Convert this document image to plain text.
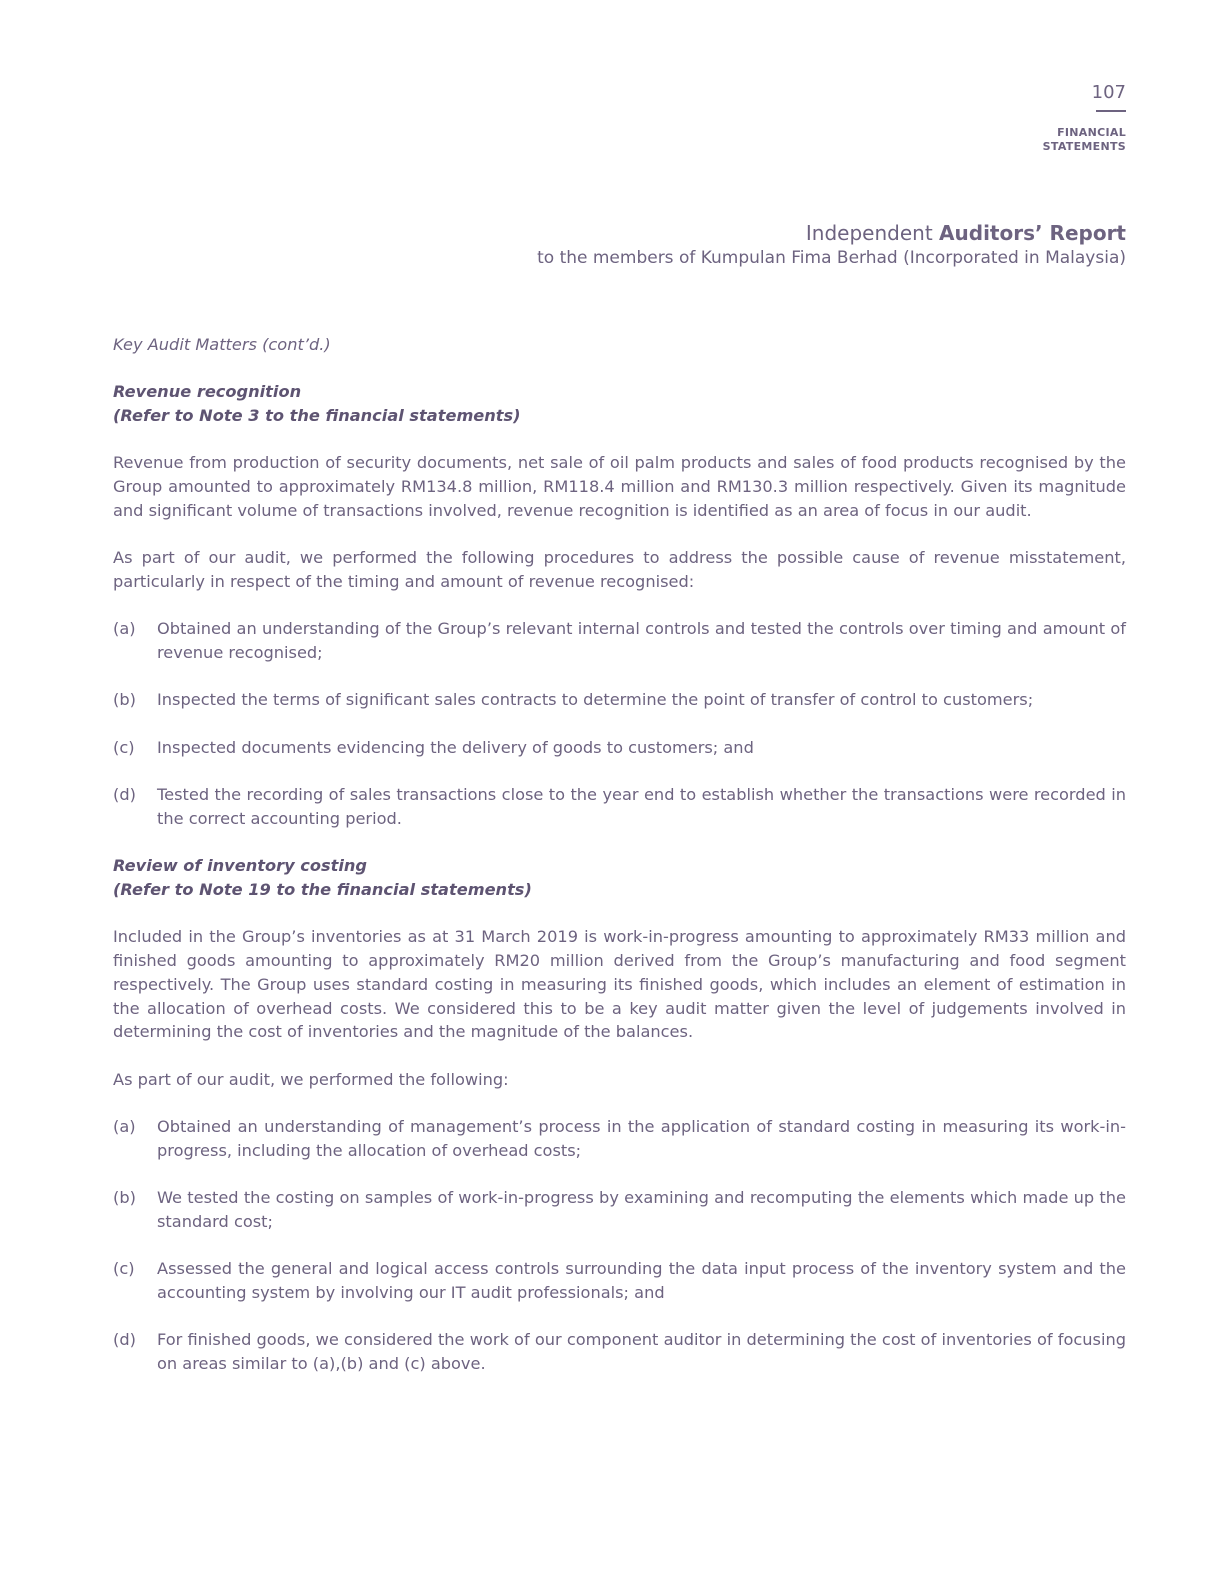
107
FINANCIAL
STATEMENTS
Independent Auditors’ Report
to the members of Kumpulan Fima Berhad (Incorporated in Malaysia)

Key Audit Matters (cont’d.)

Revenue recognition
(Refer to Note 3 to the financial statements)

Revenue from production of security documents, net sale of oil palm products and sales of food products recognised by the Group amounted to approximately RM134.8 million, RM118.4 million and RM130.3 million respectively. Given its magnitude and significant volume of transactions involved, revenue recognition is identified as an area of focus in our audit.

As part of our audit, we performed the following procedures to address the possible cause of revenue misstatement, particularly in respect of the timing and amount of revenue recognised:

(a)	Obtained an understanding of the Group’s relevant internal controls and tested the controls over timing and amount of revenue recognised;
(b)	Inspected the terms of significant sales contracts to determine the point of transfer of control to customers;
(c)	Inspected documents evidencing the delivery of goods to customers; and
(d)	Tested the recording of sales transactions close to the year end to establish whether the transactions were recorded in the correct accounting period.
Review of inventory costing
(Refer to Note 19 to the financial statements)

Included in the Group’s inventories as at 31 March 2019 is work-in-progress amounting to approximately RM33 million and finished goods amounting to approximately RM20 million derived from the Group’s manufacturing and food segment respectively. The Group uses standard costing in measuring its finished goods, which includes an element of estimation in the allocation of overhead costs. We considered this to be a key audit matter given the level of judgements involved in determining the cost of inventories and the magnitude of the balances.

As part of our audit, we performed the following:

(a)	Obtained an understanding of management’s process in the application of standard costing in measuring its work-in-progress, including the allocation of overhead costs;
(b)	We tested the costing on samples of work-in-progress by examining and recomputing the elements which made up the standard cost;
(c)	Assessed the general and logical access controls surrounding the data input process of the inventory system and the accounting system by involving our IT audit professionals; and
(d)	For finished goods, we considered the work of our component auditor in determining the cost of inventories of focusing on areas similar to (a),(b) and (c) above.
